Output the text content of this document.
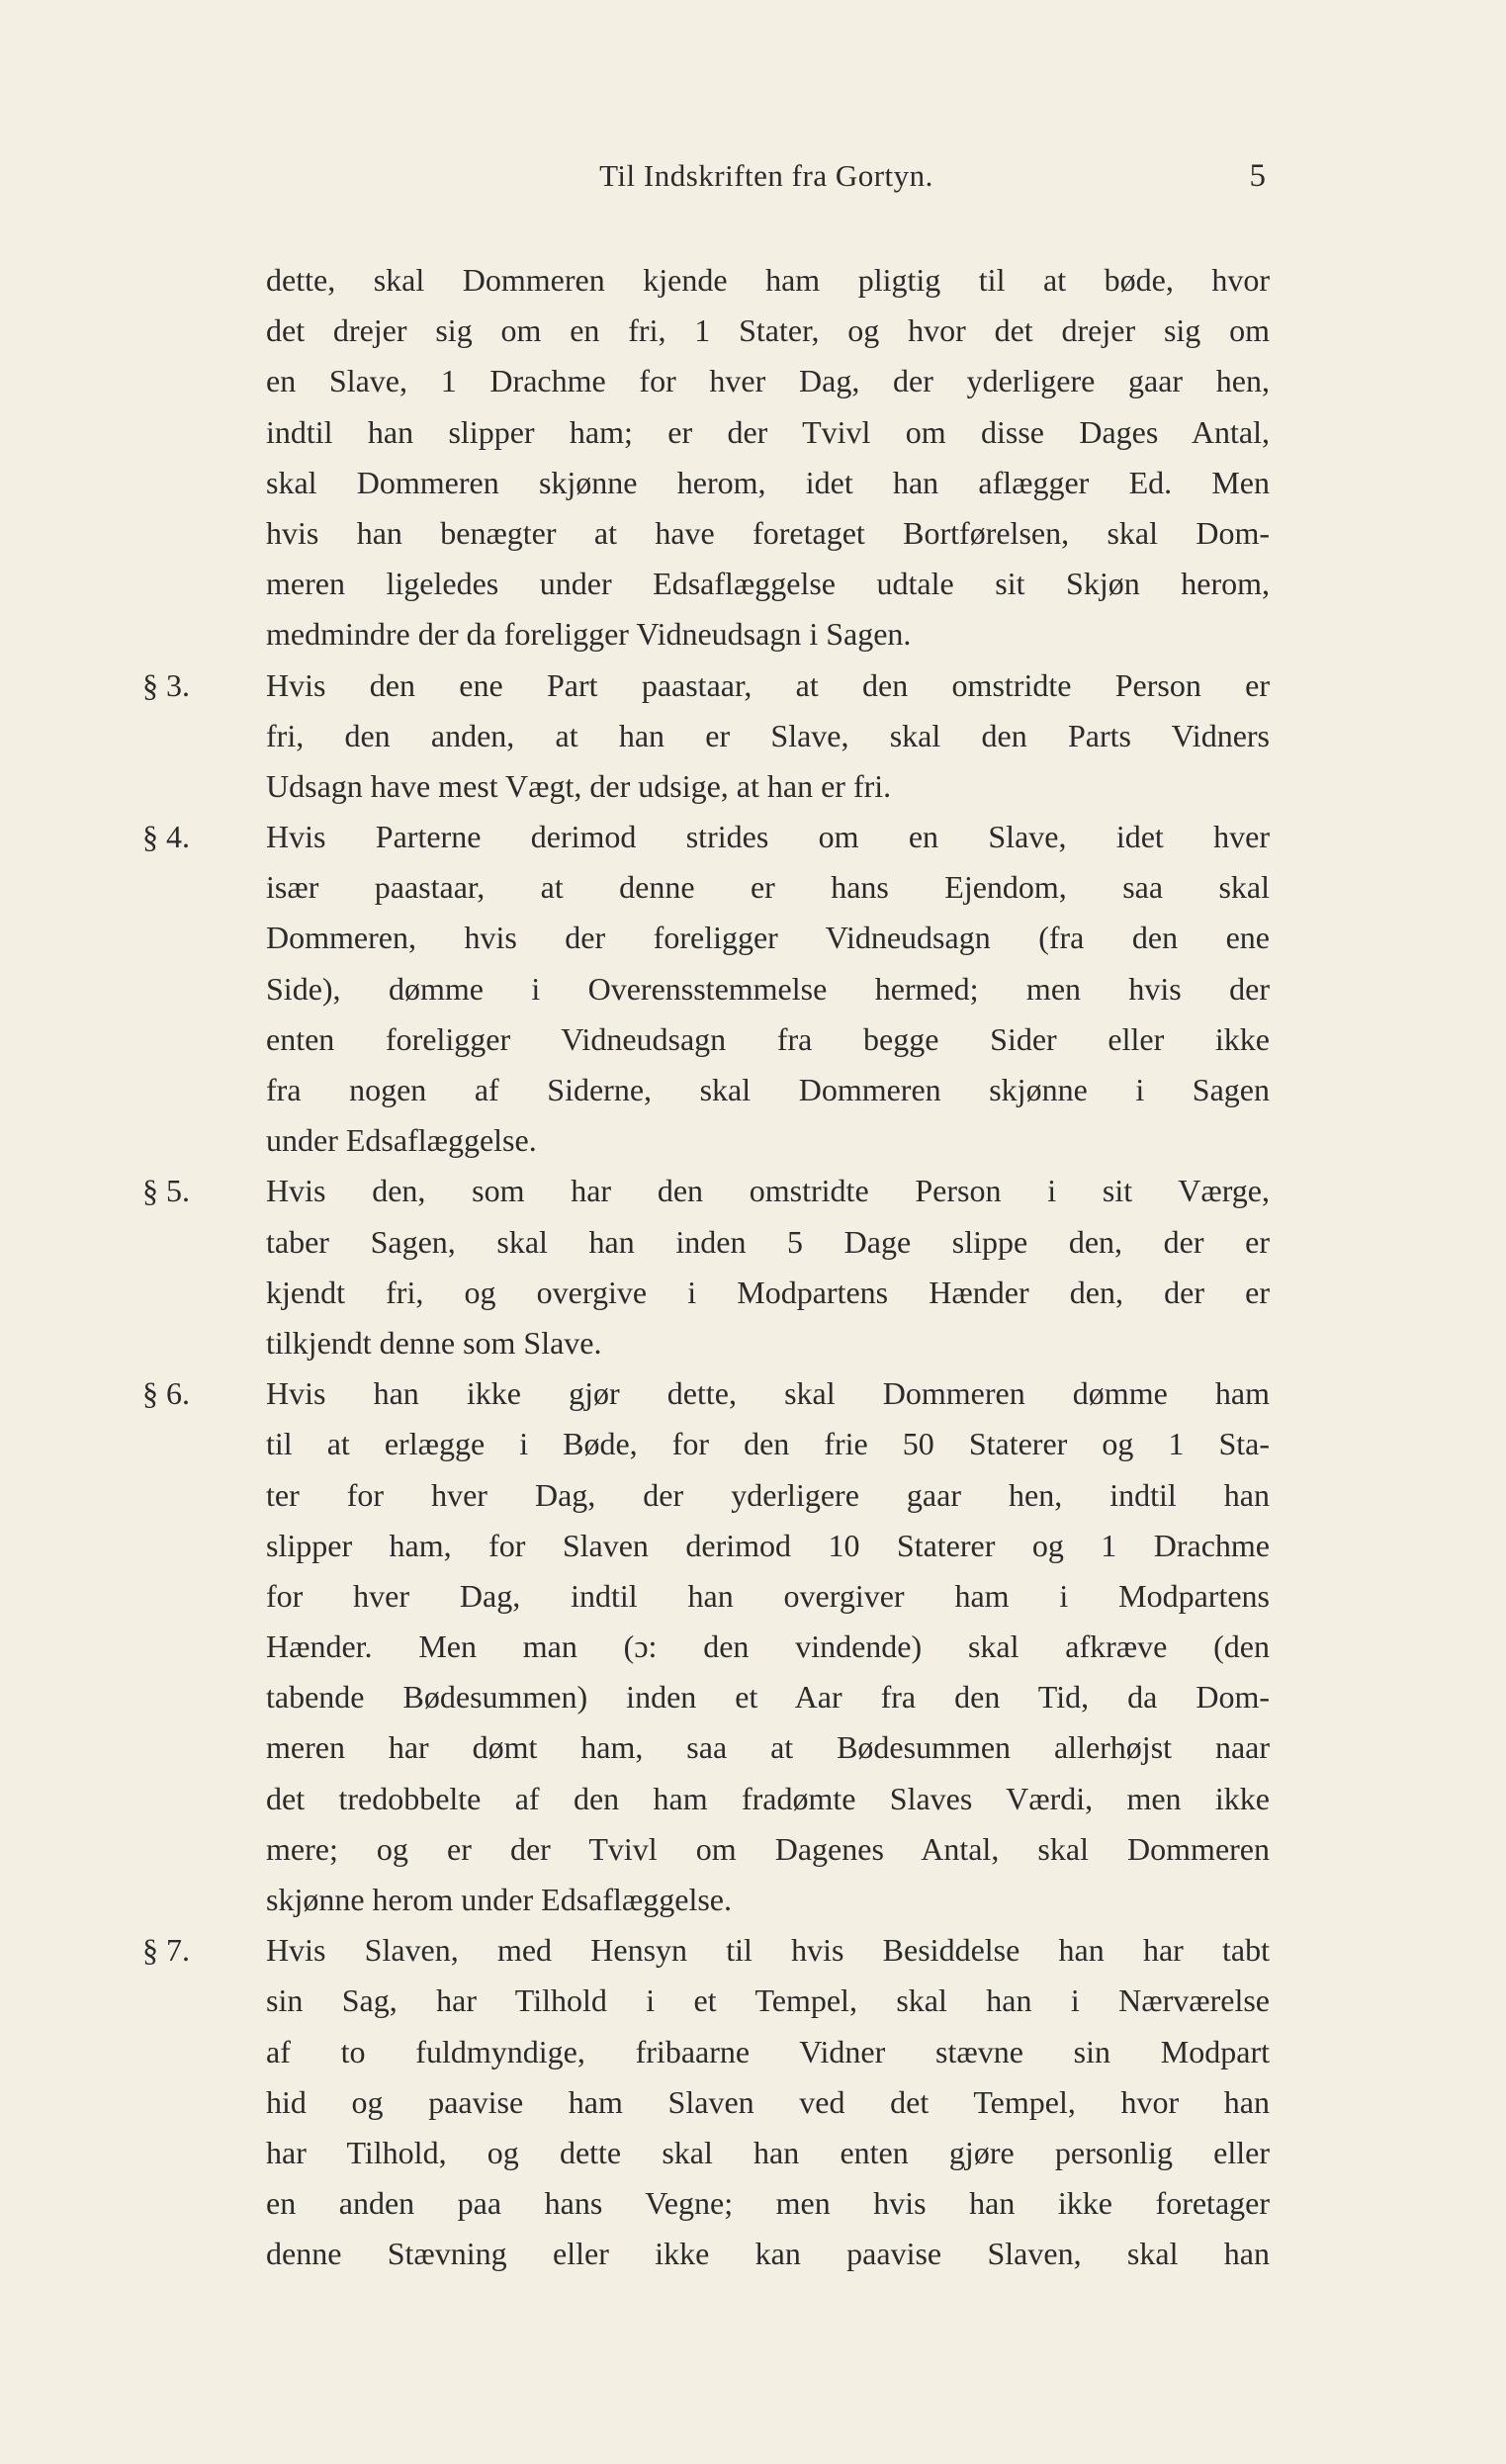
Til Indskriften fra Gortyn.	5
dette, skal Dommeren kjende ham pligtig til at bøde, hvor
det drejer sig om en fri, 1 Stater, og hvor det drejer sig om
en Slave, 1 Drachme for hver Dag, der yderligere gaar hen,
indtil han slipper ham; er der Tvivl om disse Dages Antal,
skal Dommeren skjønne herom, idet han aflægger Ed. Men
hvis han benægter at have foretaget Bortførelsen, skal Dom-
meren ligeledes under Edsaflæggelse udtale sit Skjøn herom,
medmindre der da foreligger Vidneudsagn i Sagen.
§ 3.	Hvis den ene Part paastaar, at den omstridte Person er
fri, den anden, at han er Slave, skal den Parts Vidners
Udsagn have mest Vægt, der udsige, at han er fri.
§ 4.	Hvis Parterne derimod strides om en Slave, idet hver
især paastaar, at denne er hans Ejendom, saa skal
Dommeren, hvis der foreligger Vidneudsagn (fra den ene
Side), dømme i Overensstemmelse hermed; men hvis der
enten foreligger Vidneudsagn fra begge Sider eller ikke
fra nogen af Siderne, skal Dommeren skjønne i Sagen
under Edsaflæggelse.
§ 5.	Hvis den, som har den omstridte Person i sit Værge,
taber Sagen, skal han inden 5 Dage slippe den, der er
kjendt fri, og overgive i Modpartens Hænder den, der er
tilkjendt denne som Slave.
§ 6.	Hvis han ikke gjør dette, skal Dommeren dømme ham
til at erlægge i Bøde, for den frie 50 Staterer og 1 Sta-
ter for hver Dag, der yderligere gaar hen, indtil han
slipper ham, for Slaven derimod 10 Staterer og 1 Drachme
for hver Dag, indtil han overgiver ham i Modpartens
Hænder. Men man (ɔ: den vindende) skal afkræve (den
tabende Bødesummen) inden et Aar fra den Tid, da Dom-
meren har dømt ham, saa at Bødesummen allerhøjst naar
det tredobbelte af den ham fradømte Slaves Værdi, men ikke
mere; og er der Tvivl om Dagenes Antal, skal Dommeren
skjønne herom under Edsaflæggelse.
§ 7.	Hvis Slaven, med Hensyn til hvis Besiddelse han har tabt
sin Sag, har Tilhold i et Tempel, skal han i Nærværelse
af to fuldmyndige, fribaarne Vidner stævne sin Modpart
hid og paavise ham Slaven ved det Tempel, hvor han
har Tilhold, og dette skal han enten gjøre personlig eller
en anden paa hans Vegne; men hvis han ikke foretager
denne Stævning eller ikke kan paavise Slaven, skal han
